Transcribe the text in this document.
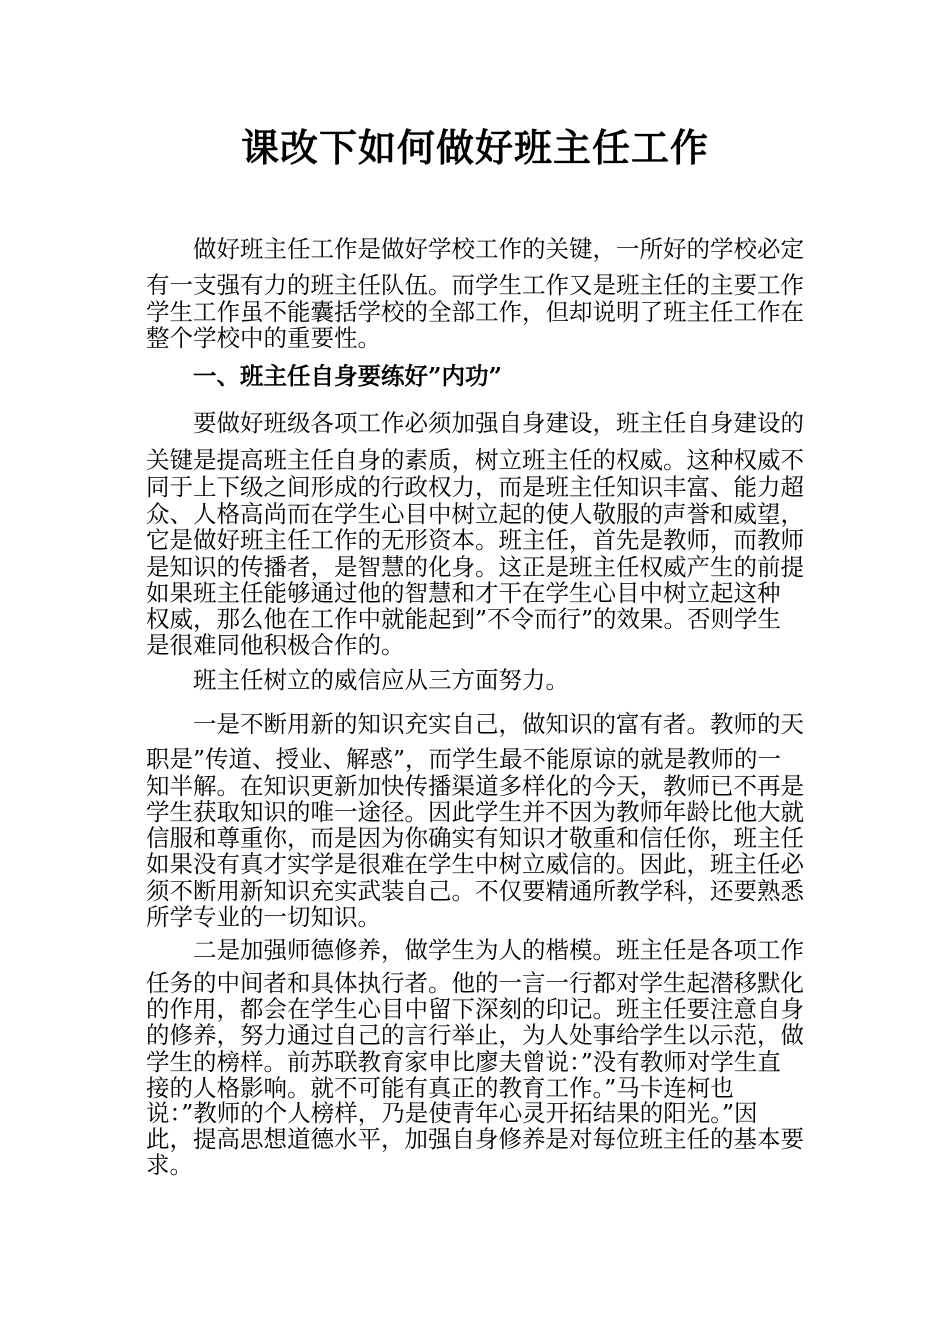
课改下如何做好班主任工作
做好班主任工作是做好学校工作的关键，一所好的学校必定
有一支强有力的班主任队伍。而学生工作又是班主任的主要工作
学生工作虽不能囊括学校的全部工作，但却说明了班主任工作在
整个学校中的重要性。
一、班主任自身要练好”内功”
要做好班级各项工作必须加强自身建设，班主任自身建设的
关键是提高班主任自身的素质，树立班主任的权威。这种权威不
同于上下级之间形成的行政权力，而是班主任知识丰富、能力超
众、人格高尚而在学生心目中树立起的使人敬服的声誉和威望，
它是做好班主任工作的无形资本。班主任，首先是教师，而教师
是知识的传播者，是智慧的化身。这正是班主任权威产生的前提
如果班主任能够通过他的智慧和才干在学生心目中树立起这种
权威，那么他在工作中就能起到”不令而行”的效果。否则学生
是很难同他积极合作的。
班主任树立的威信应从三方面努力。
一是不断用新的知识充实自己，做知识的富有者。教师的天
职是”传道、授业、解惑”，而学生最不能原谅的就是教师的一
知半解。在知识更新加快传播渠道多样化的今天，教师已不再是
学生获取知识的唯一途径。因此学生并不因为教师年龄比他大就
信服和尊重你，而是因为你确实有知识才敬重和信任你，班主任
如果没有真才实学是很难在学生中树立威信的。因此，班主任必
须不断用新知识充实武装自己。不仅要精通所教学科，还要熟悉
所学专业的一切知识。
二是加强师德修养，做学生为人的楷模。班主任是各项工作
任务的中间者和具体执行者。他的一言一行都对学生起潜移默化
的作用，都会在学生心目中留下深刻的印记。班主任要注意自身
的修养，努力通过自己的言行举止，为人处事给学生以示范，做
学生的榜样。前苏联教育家申比廖夫曾说：”没有教师对学生直
接的人格影响。就不可能有真正的教育工作。”马卡连柯也
说：”教师的个人榜样，乃是使青年心灵开拓结果的阳光。”因
此，提高思想道德水平，加强自身修养是对每位班主任的基本要
求。
